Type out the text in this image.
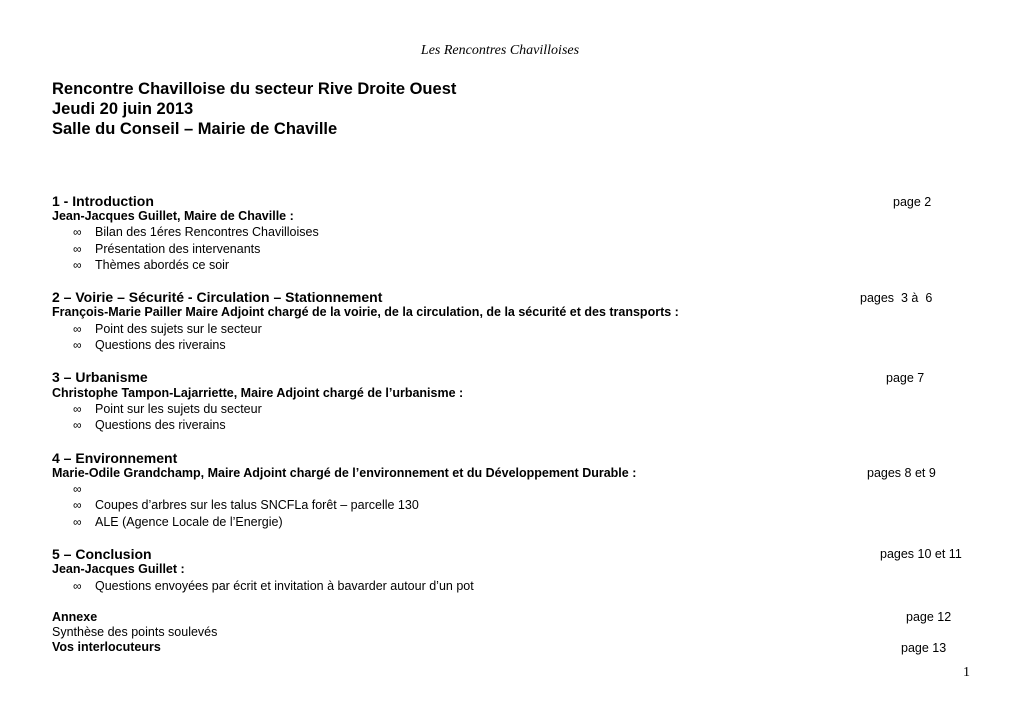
Les Rencontres Chavilloises
Rencontre Chavilloise du secteur Rive Droite Ouest
Jeudi 20 juin 2013
Salle du Conseil – Mairie de Chaville
1 - Introduction	page 2
Jean-Jacques Guillet, Maire de Chaville :
∞ Bilan des 1éres Rencontres Chavilloises
∞ Présentation des intervenants
∞ Thèmes abordés ce soir
2 – Voirie – Sécurité - Circulation – Stationnement	pages  3 à  6
François-Marie Pailler Maire Adjoint chargé de la voirie, de la circulation, de la sécurité et des transports :
∞ Point des sujets sur le secteur
∞ Questions des riverains
3 – Urbanisme	page 7
Christophe Tampon-Lajarriette, Maire Adjoint chargé de l’urbanisme :
∞ Point sur les sujets du secteur
∞ Questions des riverains
4 – Environnement
Marie-Odile Grandchamp, Maire Adjoint chargé de l’environnement et du Développement Durable :	pages 8 et 9
∞
∞ Coupes d’arbres sur les talus SNCFLa forêt – parcelle 130
∞ ALE (Agence Locale de l’Energie)
5 – Conclusion	pages 10 et 11
Jean-Jacques Guillet :
∞ Questions envoyées par écrit et invitation à bavarder autour d’un pot
Annexe	page 12
Synthèse des points soulevés
Vos interlocuteurs	page 13
1
